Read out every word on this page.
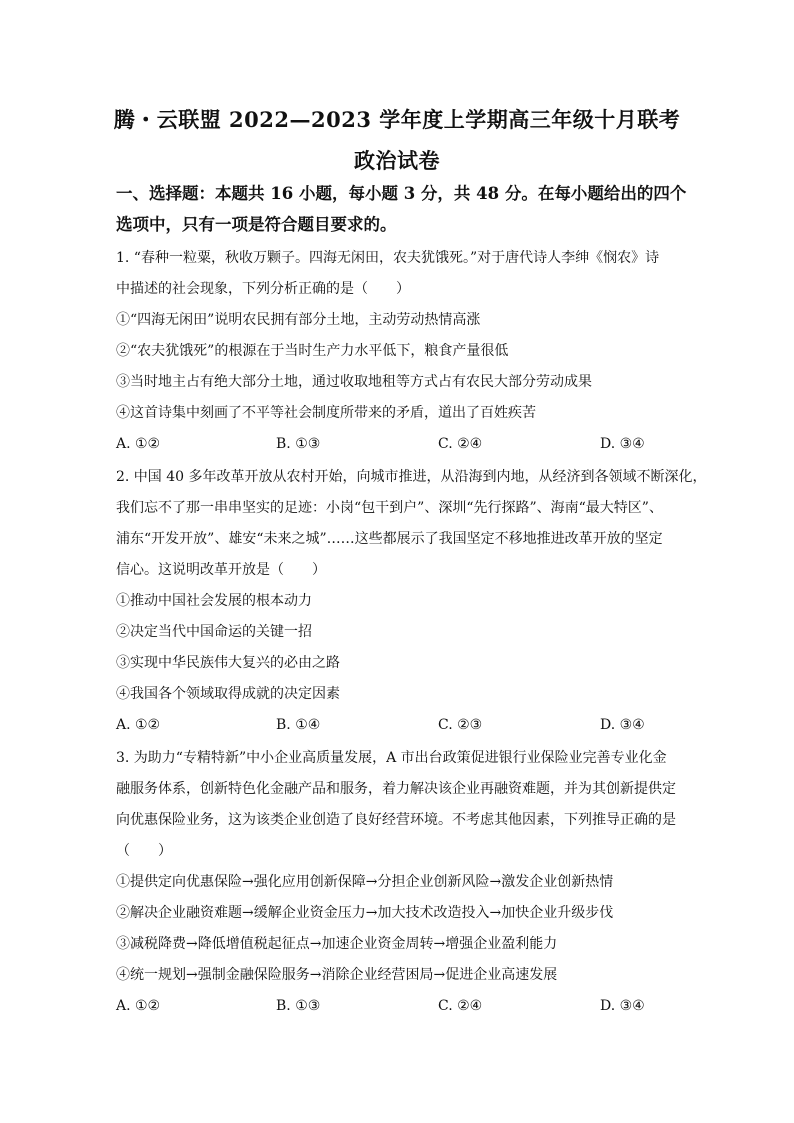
腾・云联盟 2022—2023 学年度上学期高三年级十月联考
政治试卷
一、选择题：本题共 16 小题，每小题 3 分，共 48 分。在每小题给出的四个选项中，只有一项是符合题目要求的。
1. “春种一粒粟，秋收万颗子。四海无闲田，农夫犹饿死。”对于唐代诗人李绅《悯农》诗
中描述的社会现象，下列分析正确的是（　　）
①“四海无闲田”说明农民拥有部分土地，主动劳动热情高涨
②“农夫犹饿死”的根源在于当时生产力水平低下，粮食产量很低
③当时地主占有绝大部分土地，通过收取地租等方式占有农民大部分劳动成果
④这首诗集中刻画了不平等社会制度所带来的矛盾，道出了百姓疾苦
A. ①②	B. ①③	C. ②④	D. ③④
2. 中国 40 多年改革开放从农村开始，向城市推进，从沿海到内地，从经济到各领域不断深化，
我们忘不了那一串串坚实的足迹：小岗“包干到户”、深圳“先行探路”、海南“最大特区”、
浦东“开发开放”、雄安“未来之城”……这些都展示了我国坚定不移地推进改革开放的坚定
信心。这说明改革开放是（　　）
①推动中国社会发展的根本动力
②决定当代中国命运的关键一招
③实现中华民族伟大复兴的必由之路
④我国各个领域取得成就的决定因素
A. ①②	B. ①④	C. ②③	D. ③④
3. 为助力“专精特新”中小企业高质量发展，A 市出台政策促进银行业保险业完善专业化金
融服务体系，创新特色化金融产品和服务，着力解决该企业再融资难题，并为其创新提供定
向优惠保险业务，这为该类企业创造了良好经营环境。不考虑其他因素，下列推导正确的是
（　　）
①提供定向优惠保险→强化应用创新保障→分担企业创新风险→激发企业创新热情
②解决企业融资难题→缓解企业资金压力→加大技术改造投入→加快企业升级步伐
③减税降费→降低增值税起征点→加速企业资金周转→增强企业盈利能力
④统一规划→强制金融保险服务→消除企业经营困局→促进企业高速发展
A. ①②	B. ①③	C. ②④	D. ③④
